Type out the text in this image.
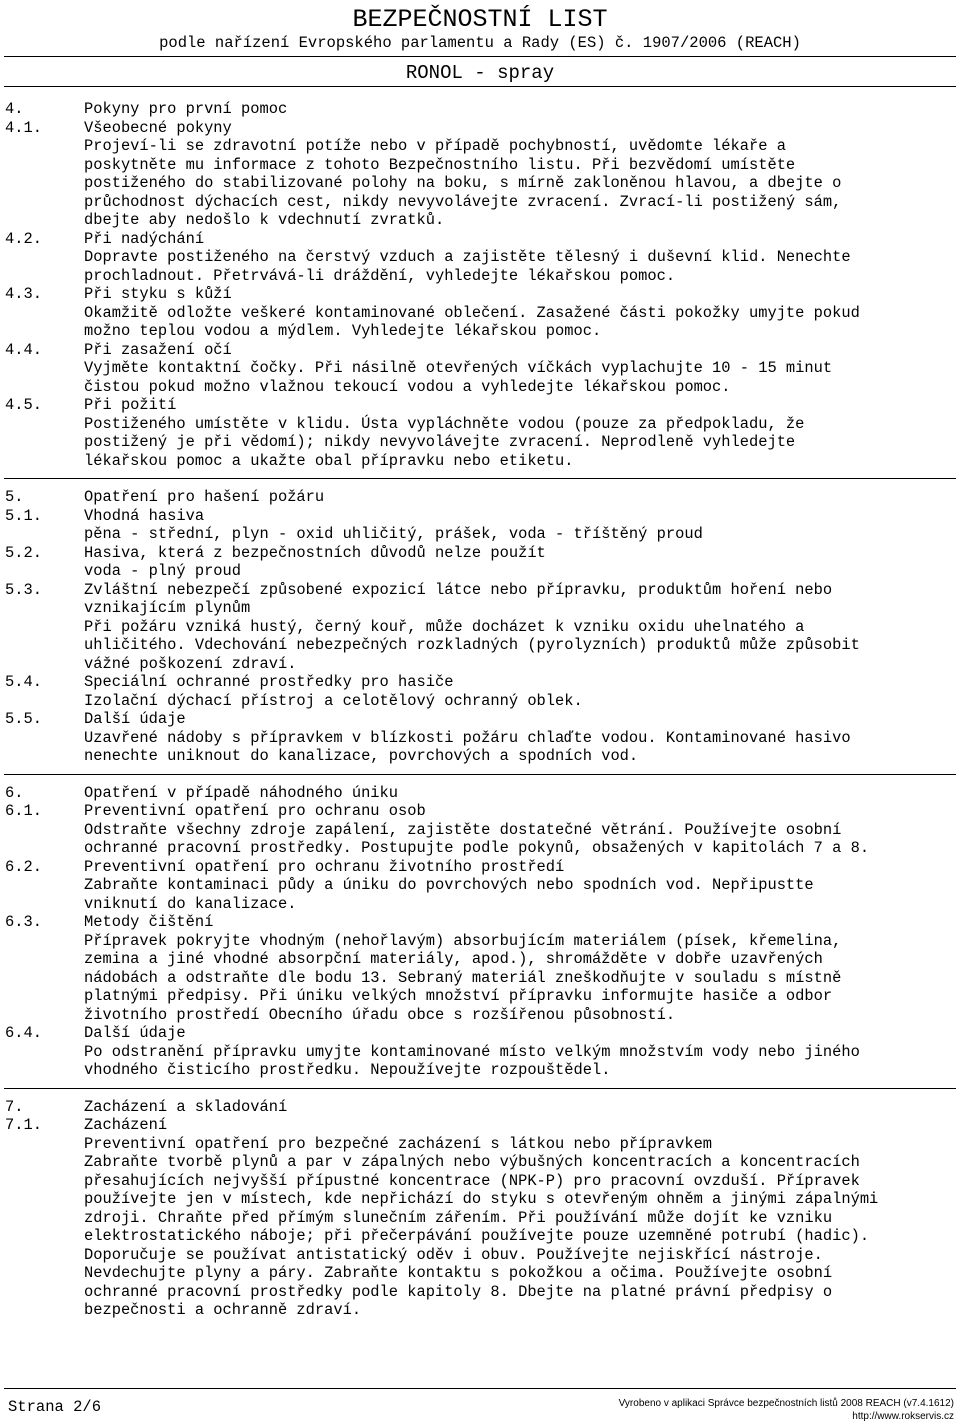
BEZPEČNOSTNÍ LIST
podle nařízení Evropského parlamentu a Rady (ES) č. 1907/2006 (REACH)
RONOL - spray
4.	Pokyny pro první pomoc
4.1.	Všeobecné pokyny
Projeví-li se zdravotní potíže nebo v případě pochybností, uvědomte lékaře a
poskytněte mu informace z tohoto Bezpečnostního listu. Při bezvědomí umístěte
postiženého do stabilizované polohy na boku, s mírně zakloněnou hlavou, a dbejte o
průchodnost dýchacích cest, nikdy nevyvolávejte zvracení. Zvrací-li postižený sám,
dbejte aby nedošlo k vdechnutí zvratků.
4.2.	Při nadýchání
Dopravte postiženého na čerstvý vzduch a zajistěte tělesný i duševní klid. Nenechte
prochladnout. Přetrvává-li dráždění, vyhledejte lékařskou pomoc.
4.3.	Při styku s kůží
Okamžitě odložte veškeré kontaminované oblečení. Zasažené části pokožky umyjte pokud
možno teplou vodou a mýdlem. Vyhledejte lékařskou pomoc.
4.4.	Při zasažení očí
Vyjměte kontaktní čočky. Při násilně otevřených víčkách vyplachujte 10 - 15 minut
čistou pokud možno vlažnou tekoucí vodou a vyhledejte lékařskou pomoc.
4.5.	Při požití
Postiženého umístěte v klidu. Ústa vypláchněte vodou (pouze za předpokladu, že
postižený je při vědomí); nikdy nevyvolávejte zvracení. Neprodleně vyhledejte
lékařskou pomoc a ukažte obal přípravku nebo etiketu.
5.	Opatření pro hašení požáru
5.1.	Vhodná hasiva
pěna - střední, plyn - oxid uhličitý, prášek, voda - tříštěný proud
5.2.	Hasiva, která z bezpečnostních důvodů nelze použít
voda - plný proud
5.3.	Zvláštní nebezpečí způsobené expozicí látce nebo přípravku, produktům hoření nebo
vznikajícím plynům
Při požáru vzniká hustý, černý kouř, může docházet k vzniku oxidu uhelnatého a
uhličitého. Vdechování nebezpečných rozkladných (pyrolyzních) produktů může způsobit
vážné poškození zdraví.
5.4.	Speciální ochranné prostředky pro hasiče
Izolační dýchací přístroj a celotělový ochranný oblek.
5.5.	Další údaje
Uzavřené nádoby s přípravkem v blízkosti požáru chlaďte vodou. Kontaminované hasivo
nenechte uniknout do kanalizace, povrchových a spodních vod.
6.	Opatření v případě náhodného úniku
6.1.	Preventivní opatření pro ochranu osob
Odstraňte všechny zdroje zapálení, zajistěte dostatečné větrání. Používejte osobní
ochranné pracovní prostředky. Postupujte podle pokynů, obsažených v kapitolách 7 a 8.
6.2.	Preventivní opatření pro ochranu životního prostředí
Zabraňte kontaminaci půdy a úniku do povrchových nebo spodních vod. Nepřipustte
vniknutí do kanalizace.
6.3.	Metody čištění
Přípravek pokryjte vhodným (nehořlavým) absorbujícím materiálem (písek, křemelina,
zemina a jiné vhodné absorpční materiály, apod.), shromážděte v dobře uzavřených
nádobách a odstraňte dle bodu 13. Sebraný materiál zneškodňujte v souladu s místně
platnými předpisy. Při úniku velkých množství přípravku informujte hasiče a odbor
životního prostředí Obecního úřadu obce s rozšířenou působností.
6.4.	Další údaje
Po odstranění přípravku umyjte kontaminované místo velkým množstvím vody nebo jiného
vhodného čisticího prostředku. Nepoužívejte rozpouštědel.
7.	Zacházení a skladování
7.1.	Zacházení
Preventivní opatření pro bezpečné zacházení s látkou nebo přípravkem
Zabraňte tvorbě plynů a par v zápalných nebo výbušných koncentracích a koncentracích
přesahujících nejvyšší přípustné koncentrace (NPK-P) pro pracovní ovzduší. Přípravek
používejte jen v místech, kde nepřichází do styku s otevřeným ohněm a jinými zápalnými
zdroji. Chraňte před přímým slunečním zářením. Při používání může dojít ke vzniku
elektrostatického náboje; při přečerpávání používejte pouze uzemněné potrubí (hadic).
Doporučuje se používat antistatický oděv i obuv. Používejte nejiskřící nástroje.
Nevdechujte plyny a páry. Zabraňte kontaktu s pokožkou a očima. Používejte osobní
ochranné pracovní prostředky podle kapitoly 8. Dbejte na platné právní předpisy o
bezpečnosti a ochranně zdraví.
Strana 2/6	Vyrobeno v aplikaci Správce bezpečnostních listů 2008 REACH (v7.4.1612)
http://www.rokservis.cz
